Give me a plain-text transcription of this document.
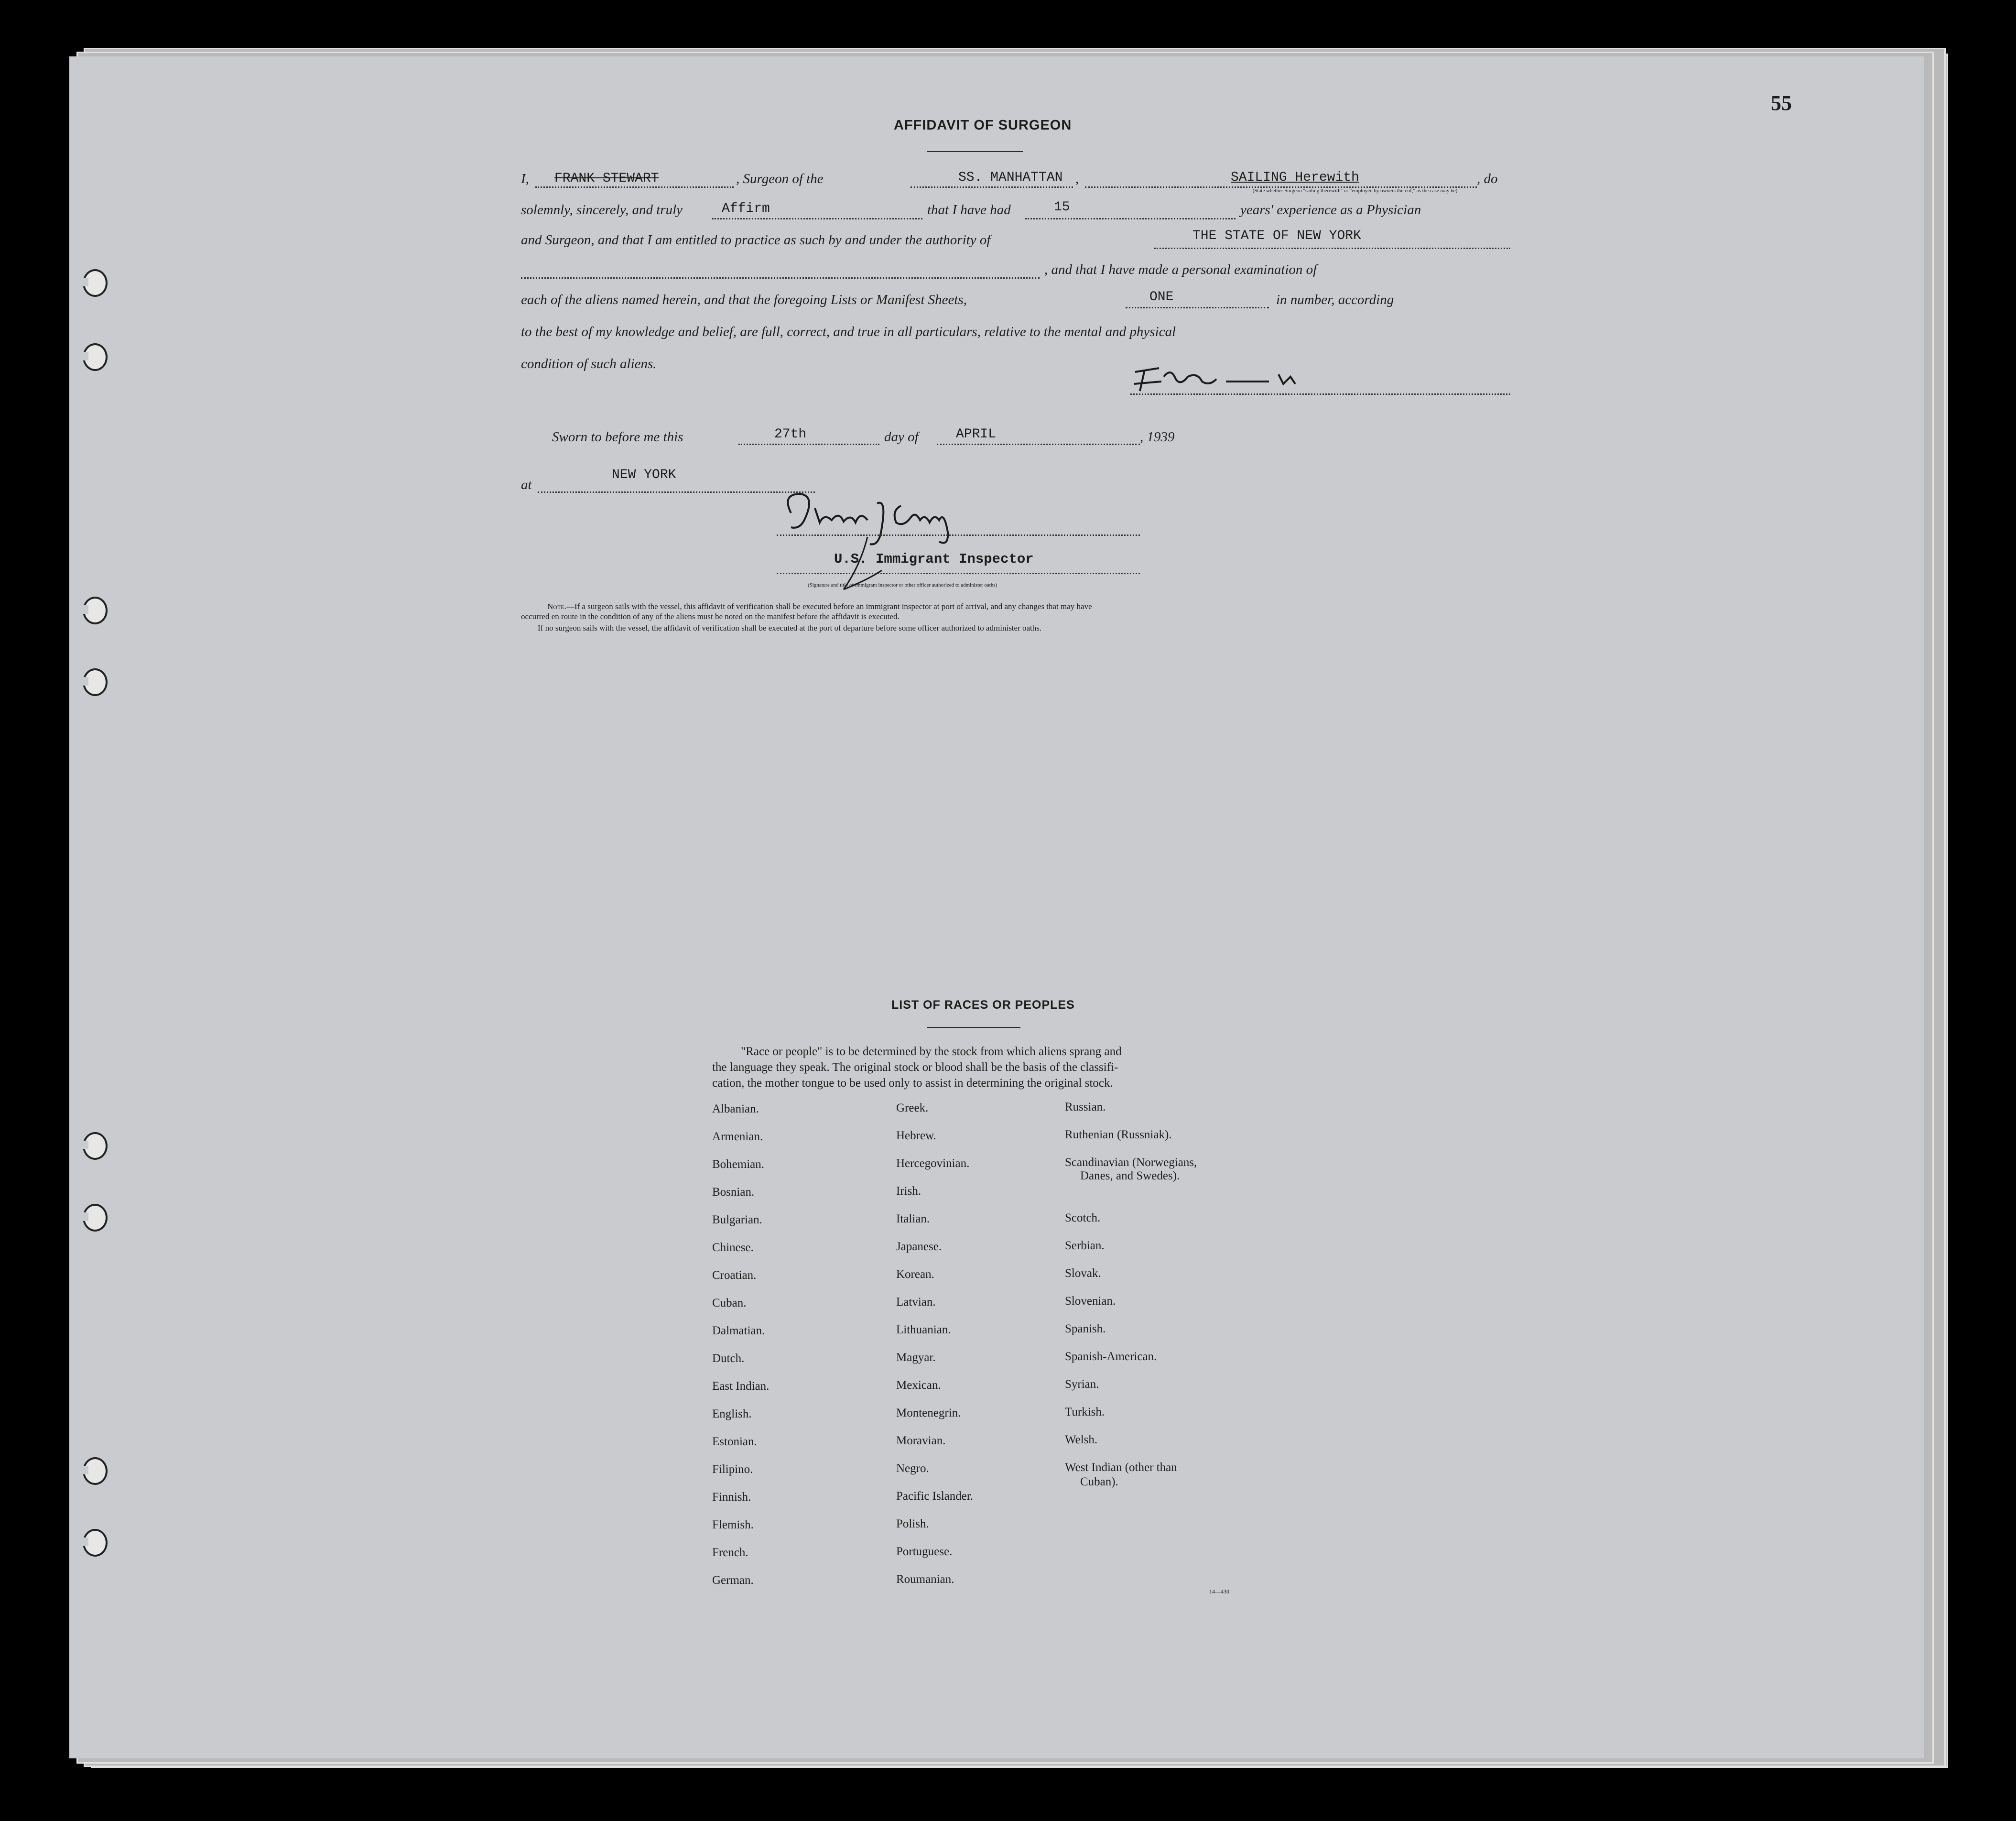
55
AFFIDAVIT OF SURGEON
I, FRANK STEWART	, Surgeon of the	SS. MANHATTAN ,	SAILING Herewith	, do
(State whether Surgeon "sailing therewith" or "employed by owners thereof," as the case may be)
solemnly, sincerely, and truly	Affirm	that I have had	15	years' experience as a Physician
and Surgeon, and that I am entitled to practice as such by and under the authority of	THE STATE OF NEW YORK
, and that I have made a personal examination of
each of the aliens named herein, and that the foregoing Lists or Manifest Sheets,	ONE	in number, according
to the best of my knowledge and belief, are full, correct, and true in all particulars, relative to the mental and physical
condition of such aliens.
Sworn to before me this	27th	day of	APRIL	, 1939
at
NEW YORK
U.S. Immigrant Inspector
(Signature and title of immigrant inspector or other officer authorized to administer oaths)
Note.—If a surgeon sails with the vessel, this affidavit of verification shall be executed before an immigrant inspector at port of arrival, and any changes that may have
occurred en route in the condition of any of the aliens must be noted on the manifest before the affidavit is executed.
If no surgeon sails with the vessel, the affidavit of verification shall be executed at the port of departure before some officer authorized to administer oaths.
LIST OF RACES OR PEOPLES
"Race or people" is to be determined by the stock from which aliens sprang and
the language they speak. The original stock or blood shall be the basis of the classifi-
cation, the mother tongue to be used only to assist in determining the original stock.
Albanian.
Armenian.
Bohemian.
Bosnian.
Bulgarian.
Chinese.
Croatian.
Cuban.
Dalmatian.
Dutch.
East Indian.
English.
Estonian.
Filipino.
Finnish.
Flemish.
French.
German.
Greek.
Hebrew.
Hercegovinian.
Irish.
Italian.
Japanese.
Korean.
Latvian.
Lithuanian.
Magyar.
Mexican.
Montenegrin.
Moravian.
Negro.
Pacific Islander.
Polish.
Portuguese.
Roumanian.
Russian.
Ruthenian (Russniak).
Scandinavian (Norwegians,
Danes, and Swedes).
Scotch.
Serbian.
Slovak.
Slovenian.
Spanish.
Spanish-American.
Syrian.
Turkish.
Welsh.
West Indian (other than
Cuban).
14—430
